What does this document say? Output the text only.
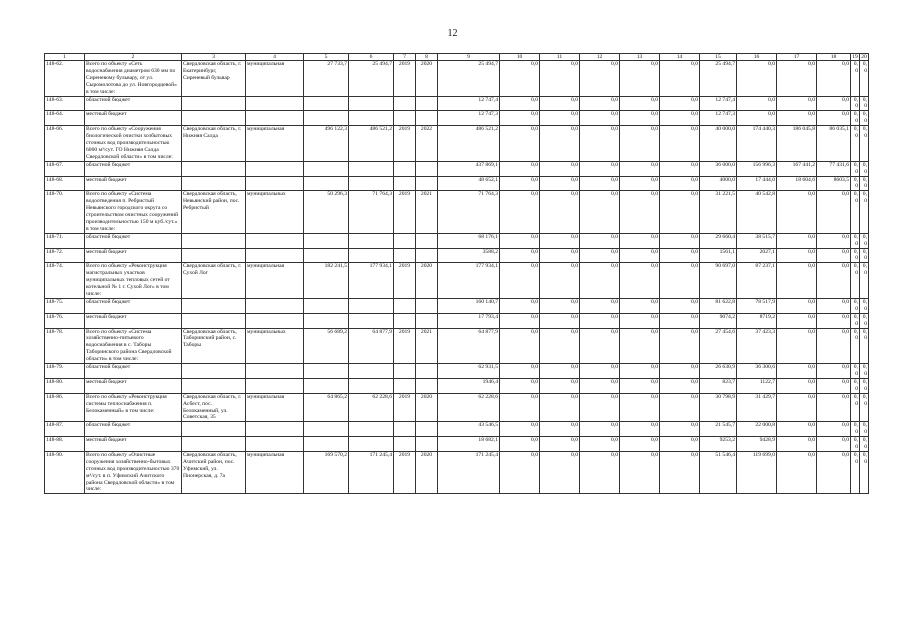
12
1	2	3	4	5	6	7	8	9	10	11	12	13	14	15	16	17	18	19	20
148-62.	Всего по объекту «Сеть водоснабжения диаметром 630 мм по Сиреневому бульвару, от ул. Сыромолотова до ул. Новгородцевой» в том числе:	Свердловская область, г. Екатеринбург, Сиреневый бульвар	муниципальная	27 733,7	25 494,7	2019	2020	25 494,7	0,0	0,0	0,0	0,0	0,0	25 494,7	0,0	0,0	0,0	0,0	0,0
148-63.	областной бюджет							12 747,4	0,0	0,0	0,0	0,0	0,0	12 747,4	0,0	0,0	0,0	0,0	0,0
148-64.	местный бюджет							12 747,3	0,0	0,0	0,0	0,0	0,0	12 747,3	0,0	0,0	0,0	0,0	0,0
148-66.	Всего по объекту «Сооружения биологической очистки хозбытовых сточных вод производительностью 6000 м³/сут. ГО Нижняя Салда Свердловской области» в том числе:	Свердловская область, г. Нижняя Салда	муниципальная	496 122,3	486 521,2	2019	2022	486 521,2	0,0	0,0	0,0	0,0	0,0	40 000,0	174 440,3	186 045,8	86 035,1	0,0	0,0
148-67.	областной бюджет							437 869,1	0,0	0,0	0,0	0,0	0,0	36 000,0	156 996,3	167 441,2	77 431,6	0,0	0,0
148-68.	местный бюджет							48 652,1	0,0	0,0	0,0	0,0	0,0	4000,0	17 444,0	18 604,6	8603,5	0,0	0,0
148-70.	Всего по объекту «Система водоотведения п. Ребристый Невьянского городского округа со строительством очистных сооружений производительностью 150 м куб./сут.» в том числе:	Свердловская область, Невьянский район, пос. Ребристый	муниципальных	50 296,3	71 764,3	2019	2021	71 764,3	0,0	0,0	0,0	0,0	0,0	31 221,5	40 542,8	0,0	0,0	0,0	0,0
148-71.	областной бюджет							68 176,1	0,0	0,0	0,0	0,0	0,0	29 660,4	38 515,7	0,0	0,0	0,0	0,0
148-72.	местный бюджет							3588,2	0,0	0,0	0,0	0,0	0,0	1561,1	2027,1	0,0	0,0	0,0	0,0
148-74.	Всего по объекту «Реконструкция магистральных участков муниципальных тепловых сетей от котельной № 1 г. Сухой Лог» в том числе:	Свердловская область, г. Сухой Лог	муниципальная	182 241,5	177 934,1	2019	2020	177 934,1	0,0	0,0	0,0	0,0	0,0	90 697,0	87 237,1	0,0	0,0	0,0	0,0
148-75.	областной бюджет							160 140,7	0,0	0,0	0,0	0,0	0,0	81 622,8	78 517,9	0,0	0,0	0,0	0,0
148-76.	местный бюджет							17 793,4	0,0	0,0	0,0	0,0	0,0	9074,2	8719,2	0,0	0,0	0,0	0,0
148-78.	Всего по объекту «Система хозяйственно-питьевого водоснабжения в с. Таборы Таборинского района Свердловской области» в том числе:	Свердловская область, Таборинский район, с. Таборы	муниципальных	56 689,2	64 877,9	2019	2021	64 877,9	0,0	0,0	0,0	0,0	0,0	27 454,6	37 423,3	0,0	0,0	0,0	0,0
148-79.	областной бюджет							62 931,5	0,0	0,0	0,0	0,0	0,0	26 630,9	36 300,6	0,0	0,0	0,0	0,0
148-80.	местный бюджет							1946,4	0,0	0,0	0,0	0,0	0,0	823,7	1122,7	0,0	0,0	0,0	0,0
148-86.	Всего по объекту «Реконструкция системы теплоснабжения п. Белокаменный» в том числе:	Свердловская область, г. Асбест, пос. Белокаменный, ул. Советская, 35	муниципальная	64 865,2	62 228,6	2019	2020	62 228,6	0,0	0,0	0,0	0,0	0,0	30 798,9	31 429,7	0,0	0,0	0,0	0,0
148-87.	областной бюджет							43 546,5	0,0	0,0	0,0	0,0	0,0	21 545,7	22 000,8	0,0	0,0	0,0	0,0
148-88.	местный бюджет							18 682,1	0,0	0,0	0,0	0,0	0,0	9253,2	9428,9	0,0	0,0	0,0	0,0
148-90.	Всего по объекту «Очистные сооружения хозяйственно-бытовых сточных вод производительностью 370 м³/сут. в п. Уфимский Ачитского района Свердловской области» в том числе:	Свердловская область, Ачитский район, пос. Уфимский, ул. Пионерская, д. 7а	муниципальная	169 570,2	171 245,4	2019	2020	171 245,4	0,0	0,0	0,0	0,0	0,0	51 546,4	119 699,0	0,0	0,0	0,0	0,0
